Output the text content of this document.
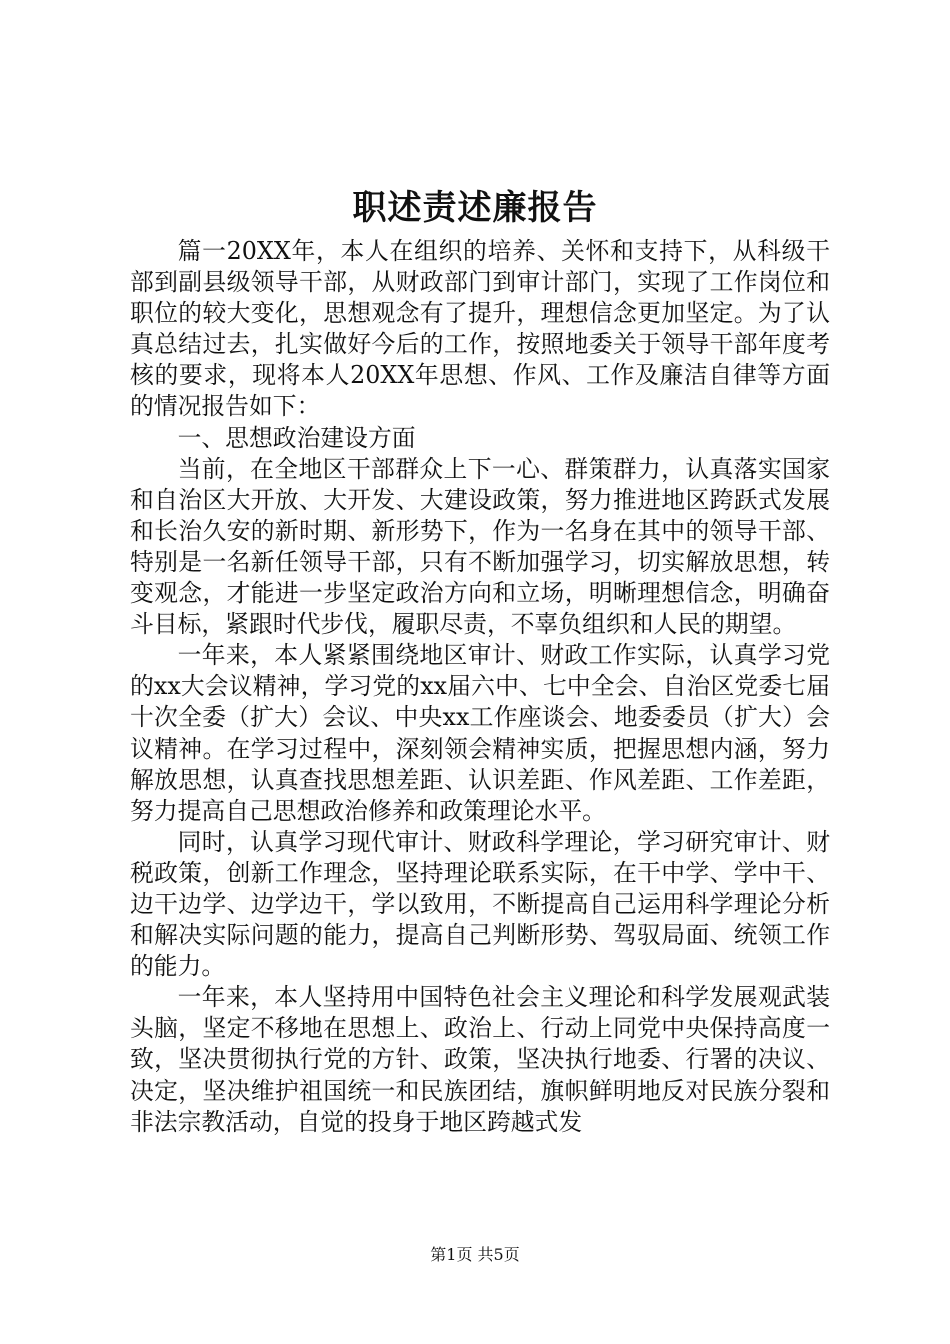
职述责述廉报告

篇一20XX年，本人在组织的培养、关怀和支持下，从科级干部到副县级领导干部，从财政部门到审计部门，实现了工作岗位和职位的较大变化，思想观念有了提升，理想信念更加坚定。为了认真总结过去，扎实做好今后的工作，按照地委关于领导干部年度考核的要求，现将本人20XX年思想、作风、工作及廉洁自律等方面的情况报告如下：

一、思想政治建设方面

当前，在全地区干部群众上下一心、群策群力，认真落实国家和自治区大开放、大开发、大建设政策，努力推进地区跨跃式发展和长治久安的新时期、新形势下，作为一名身在其中的领导干部、特别是一名新任领导干部，只有不断加强学习，切实解放思想，转变观念，才能进一步坚定政治方向和立场，明晰理想信念，明确奋斗目标，紧跟时代步伐，履职尽责，不辜负组织和人民的期望。

一年来，本人紧紧围绕地区审计、财政工作实际，认真学习党的xx大会议精神，学习党的xx届六中、七中全会、自治区党委七届十次全委（扩大）会议、中央xx工作座谈会、地委委员（扩大）会议精神。在学习过程中，深刻领会精神实质，把握思想内涵，努力解放思想，认真查找思想差距、认识差距、作风差距、工作差距，努力提高自己思想政治修养和政策理论水平。

同时，认真学习现代审计、财政科学理论，学习研究审计、财税政策，创新工作理念，坚持理论联系实际，在干中学、学中干、边干边学、边学边干，学以致用，不断提高自己运用科学理论分析和解决实际问题的能力，提高自己判断形势、驾驭局面、统领工作的能力。

一年来，本人坚持用中国特色社会主义理论和科学发展观武装头脑，坚定不移地在思想上、政治上、行动上同党中央保持高度一致，坚决贯彻执行党的方针、政策，坚决执行地委、行署的决议、决定，坚决维护祖国统一和民族团结，旗帜鲜明地反对民族分裂和非法宗教活动，自觉的投身于地区跨越式发

第1页 共5页
